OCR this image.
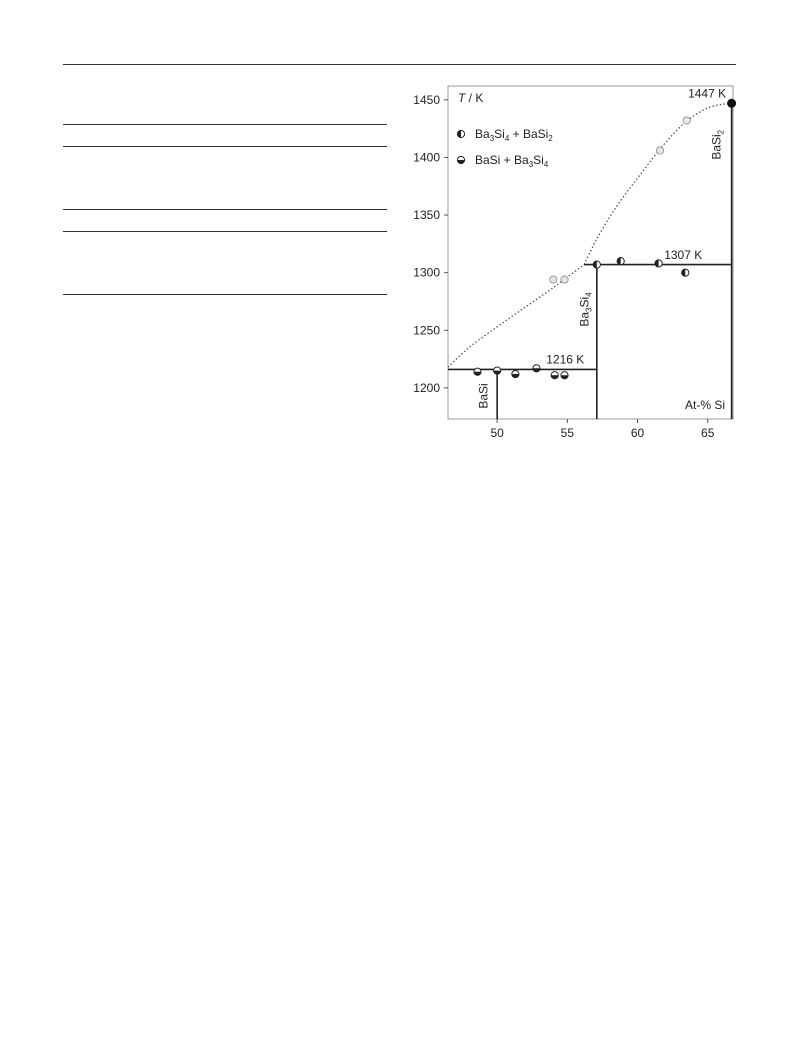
1200
1250
1300
1350
1400
1450
50	55	60	65
T / K
At-% Si
1447 K
1307 K
1216 K
BaSi
$Ba_3Si_4$
BaSi$_2$
$Ba_3Si_4$ + BaSi$_2$
BaSi + $Ba_3Si_4$
